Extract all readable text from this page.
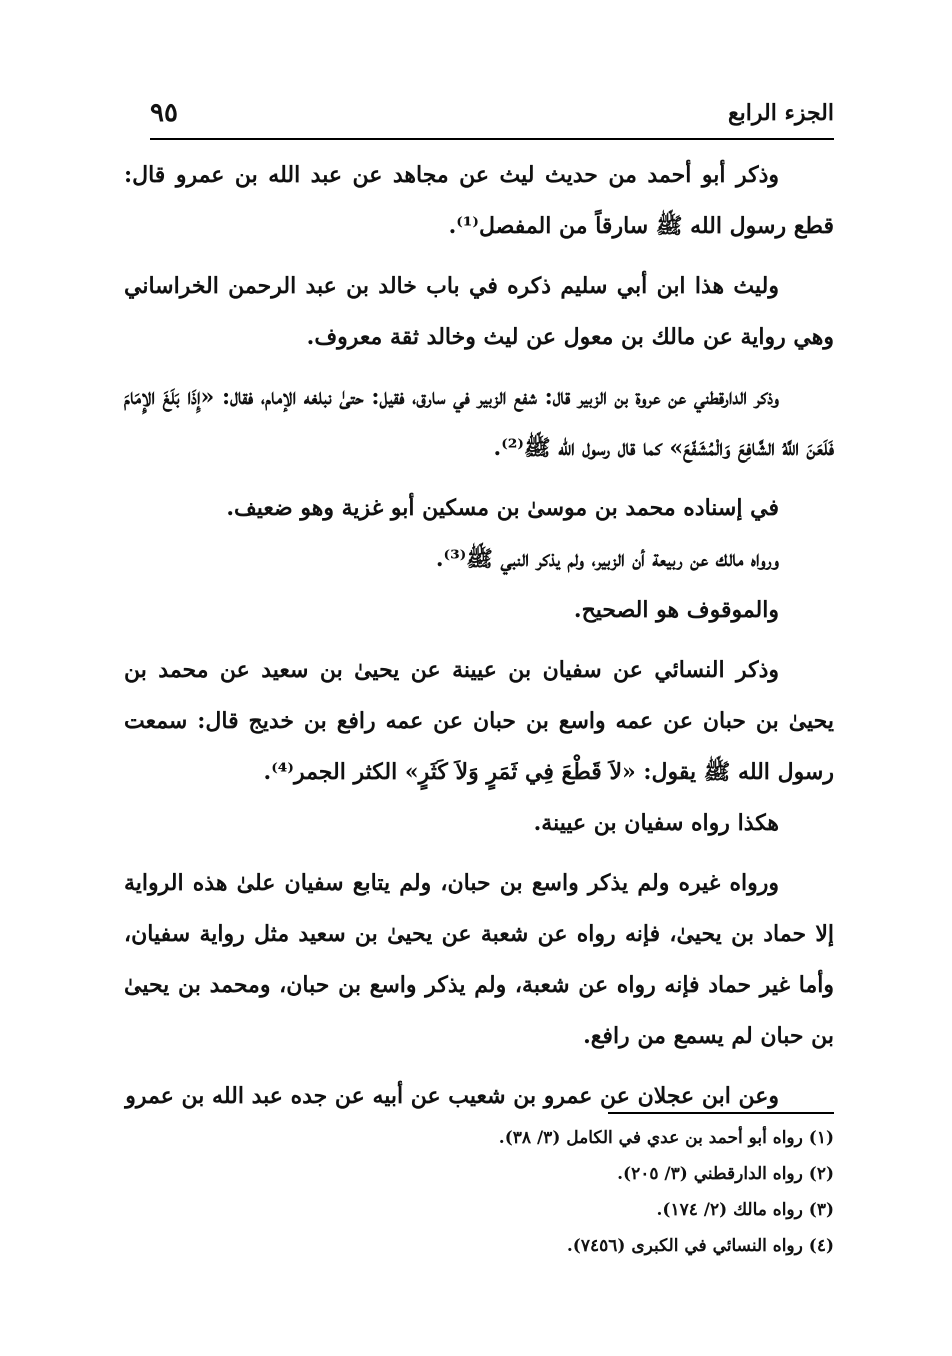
الجزء الرابع
٩٥

وذكر أبو أحمد من حديث ليث عن مجاهد عن عبد الله بن عمرو قال: قطع رسول الله ﷺ سارقاً من المفصل⁽¹⁾.

وليث هذا ابن أبي سليم ذكره في باب خالد بن عبد الرحمن الخراساني وهي رواية عن مالك بن معول عن ليث وخالد ثقة معروف.

وذكر الدارقطني عن عروة بن الزبير قال: شفع الزبير في سارق، فقيل: حتىٰ نبلغه الإمام، فقال: «إِذَا بَلَغَ الإِمَامَ فَلَعَنَ اللَّهُ الشَّافِعَ وَالْمُشَفّعَ» كما قال رسول الله ﷺ⁽²⁾.

في إسناده محمد بن موسىٰ بن مسكين أبو غزية وهو ضعيف.

ورواه مالك عن ربيعة أن الزبير، ولم يذكر النبي ﷺ⁽³⁾.

والموقوف هو الصحيح.

وذكر النسائي عن سفيان بن عيينة عن يحيىٰ بن سعيد عن محمد بن يحيىٰ بن حبان عن عمه واسع بن حبان عن عمه رافع بن خديج قال: سمعت رسول الله ﷺ يقول: «لاَ قَطْعَ فِي ثَمَرٍ وَلاَ كَثَرٍ» الكثر الجمر⁽⁴⁾.

هكذا رواه سفيان بن عيينة.

ورواه غيره ولم يذكر واسع بن حبان، ولم يتابع سفيان علىٰ هذه الرواية إلا حماد بن يحيىٰ، فإنه رواه عن شعبة عن يحيىٰ بن سعيد مثل رواية سفيان، وأما غير حماد فإنه رواه عن شعبة، ولم يذكر واسع بن حبان، ومحمد بن يحيىٰ بن حبان لم يسمع من رافع.

وعن ابن عجلان عن عمرو بن شعيب عن أبيه عن جده عبد الله بن عمرو

(١) رواه أبو أحمد بن عدي في الكامل (٣/ ٣٨).
(٢) رواه الدارقطني (٣/ ٢٠٥).
(٣) رواه مالك (٢/ ١٧٤).
(٤) رواه النسائي في الكبرى (٧٤٥٦).
